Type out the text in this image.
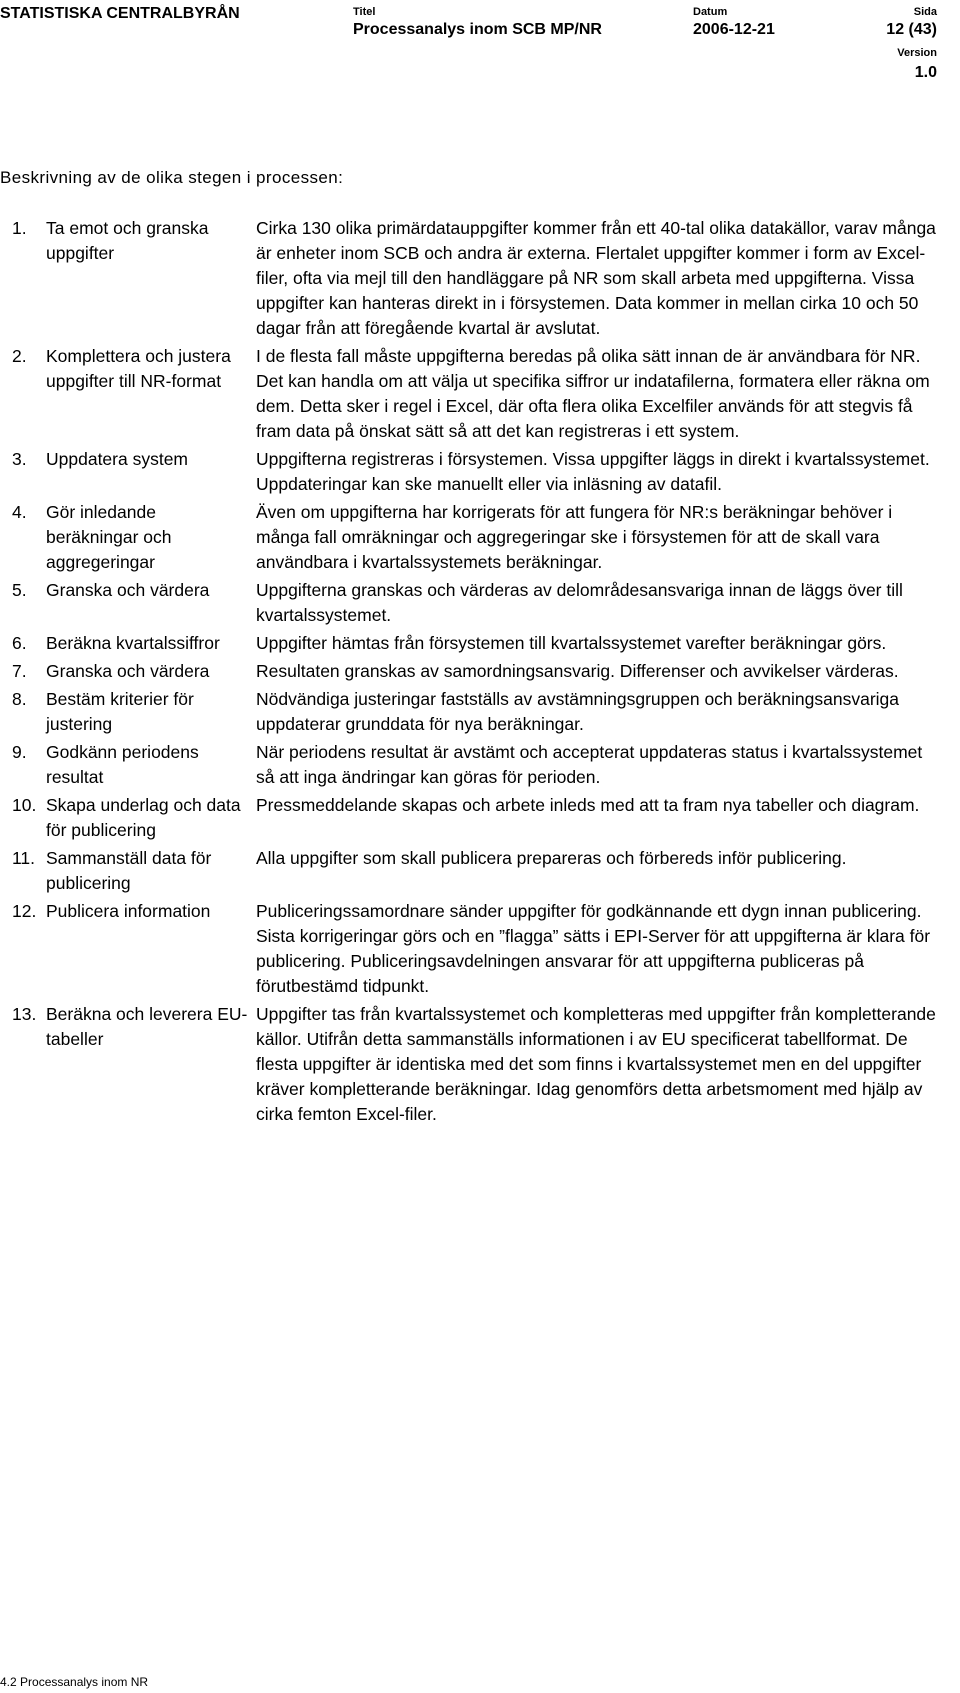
STATISTISKA CENTRALBYRÅN	Titel
Processanalys inom SCB MP/NR
Datum
2006-12-21
Sida
12 (43)
Version
1.0
Beskrivning av de olika stegen i processen:
1. Ta emot och granska uppgifter	Cirka 130 olika primärdatauppgifter kommer från ett 40-tal olika datakällor, varav många är enheter inom SCB och andra är externa. Flertalet uppgifter kommer i form av Excel-filer, ofta via mejl till den handläggare på NR som skall arbeta med uppgifterna. Vissa uppgifter kan hanteras direkt in i försystemen. Data kommer in mellan cirka 10 och 50 dagar från att föregående kvartal är avslutat.

2. Komplettera och justera uppgifter till NR-format	I de flesta fall måste uppgifterna beredas på olika sätt innan de är användbara för NR. Det kan handla om att välja ut specifika siffror ur indatafilerna, formatera eller räkna om dem. Detta sker i regel i Excel, där ofta flera olika Excelfiler används för att stegvis få fram data på önskat sätt så att det kan registreras i ett system.

3. Uppdatera system	Uppgifterna registreras i försystemen. Vissa uppgifter läggs in direkt i kvartalssystemet. Uppdateringar kan ske manuellt eller via inläsning av datafil.

4. Gör inledande beräkningar och aggregeringar	Även om uppgifterna har korrigerats för att fungera för NR:s beräkningar behöver i många fall omräkningar och aggregeringar ske i försystemen för att de skall vara användbara i kvartalssystemets beräkningar.

5. Granska och värdera	Uppgifterna granskas och värderas av delområdesansvariga innan de läggs över till kvartalssystemet.

6. Beräkna kvartalssiffror	Uppgifter hämtas från försystemen till kvartalssystemet varefter beräkningar görs.

7. Granska och värdera	Resultaten granskas av samordningsansvarig. Differenser och avvikelser värderas.

8. Bestäm kriterier för justering	Nödvändiga justeringar fastställs av avstämningsgruppen och beräkningsansvariga uppdaterar grunddata för nya beräkningar.

9. Godkänn periodens resultat	När periodens resultat är avstämt och accepterat uppdateras status i kvartalssystemet så att inga ändringar kan göras för perioden.

10. Skapa underlag och data för publicering	Pressmeddelande skapas och arbete inleds med att ta fram nya tabeller och diagram.

11. Sammanställ data för publicering	Alla uppgifter som skall publicera prepareras och förbereds inför publicering.

12. Publicera information	Publiceringssamordnare sänder uppgifter för godkännande ett dygn innan publicering. Sista korrigeringar görs och en ”flagga” sätts i EPI-Server för att uppgifterna är klara för publicering. Publiceringsavdelningen ansvarar för att uppgifterna publiceras på förutbestämd tidpunkt.

13. Beräkna och leverera EU-tabeller	Uppgifter tas från kvartalssystemet och kompletteras med uppgifter från kompletterande källor. Utifrån detta sammanställs informationen i av EU specificerat tabellformat. De flesta uppgifter är identiska med det som finns i kvartalssystemet men en del uppgifter kräver kompletterande beräkningar. Idag genomförs detta arbetsmoment med hjälp av cirka femton Excel-filer.
4.2 Processanalys inom NR
